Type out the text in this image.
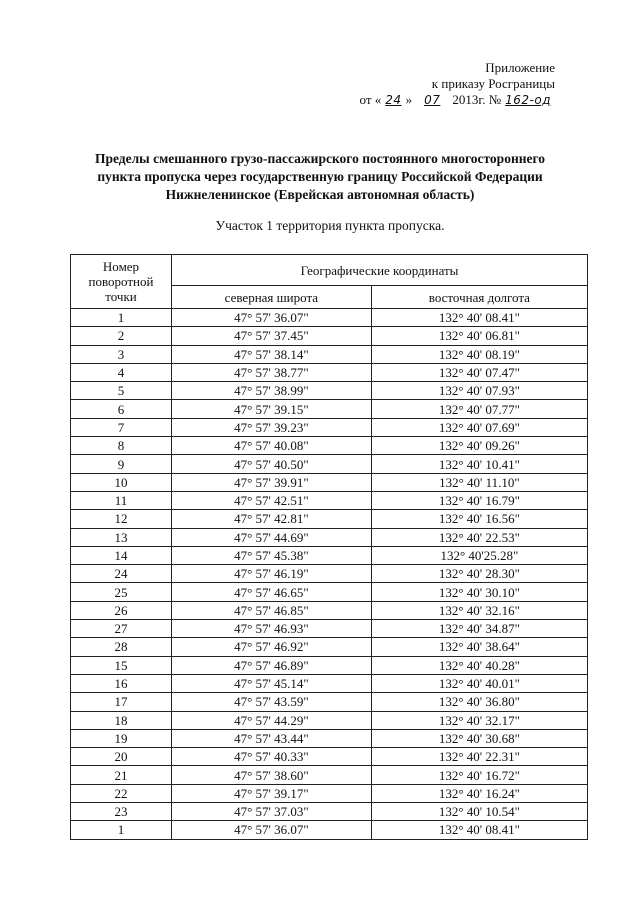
Приложение
к приказу Росграницы
от « 24 » 07 2013г. № 162-од
Пределы смешанного грузо-пассажирского постоянного многостороннего
пункта пропуска через государственную границу Российской Федерации
Нижнеленинское (Еврейская автономная область)
Участок 1 территория пункта пропуска.
Номер
поворотной
точки	Географические координаты	
	северная широта	восточная долгота
1	47° 57' 36.07"	132° 40' 08.41"
2	47° 57' 37.45"	132° 40' 06.81"
3	47° 57' 38.14"	132° 40' 08.19"
4	47° 57' 38.77"	132° 40' 07.47"
5	47° 57' 38.99"	132° 40' 07.93"
6	47° 57' 39.15"	132° 40' 07.77"
7	47° 57' 39.23"	132° 40' 07.69"
8	47° 57' 40.08"	132° 40' 09.26"
9	47° 57' 40.50"	132° 40' 10.41"
10	47° 57' 39.91"	132° 40' 11.10"
11	47° 57' 42.51"	132° 40' 16.79"
12	47° 57' 42.81"	132° 40' 16.56"
13	47° 57' 44.69"	132° 40' 22.53"
14	47° 57' 45.38"	132° 40'25.28"
24	47° 57' 46.19"	132° 40' 28.30"
25	47° 57' 46.65"	132° 40' 30.10"
26	47° 57' 46.85"	132° 40' 32.16"
27	47° 57' 46.93"	132° 40' 34.87"
28	47° 57' 46.92"	132° 40' 38.64"
15	47° 57' 46.89"	132° 40' 40.28"
16	47° 57' 45.14"	132° 40' 40.01"
17	47° 57' 43.59"	132° 40' 36.80"
18	47° 57' 44.29"	132° 40' 32.17"
19	47° 57' 43.44"	132° 40' 30.68"
20	47° 57' 40.33"	132° 40' 22.31"
21	47° 57' 38.60"	132° 40' 16.72"
22	47° 57' 39.17"	132° 40' 16.24"
23	47° 57' 37.03"	132° 40' 10.54"
1	47° 57' 36.07"	132° 40' 08.41"
